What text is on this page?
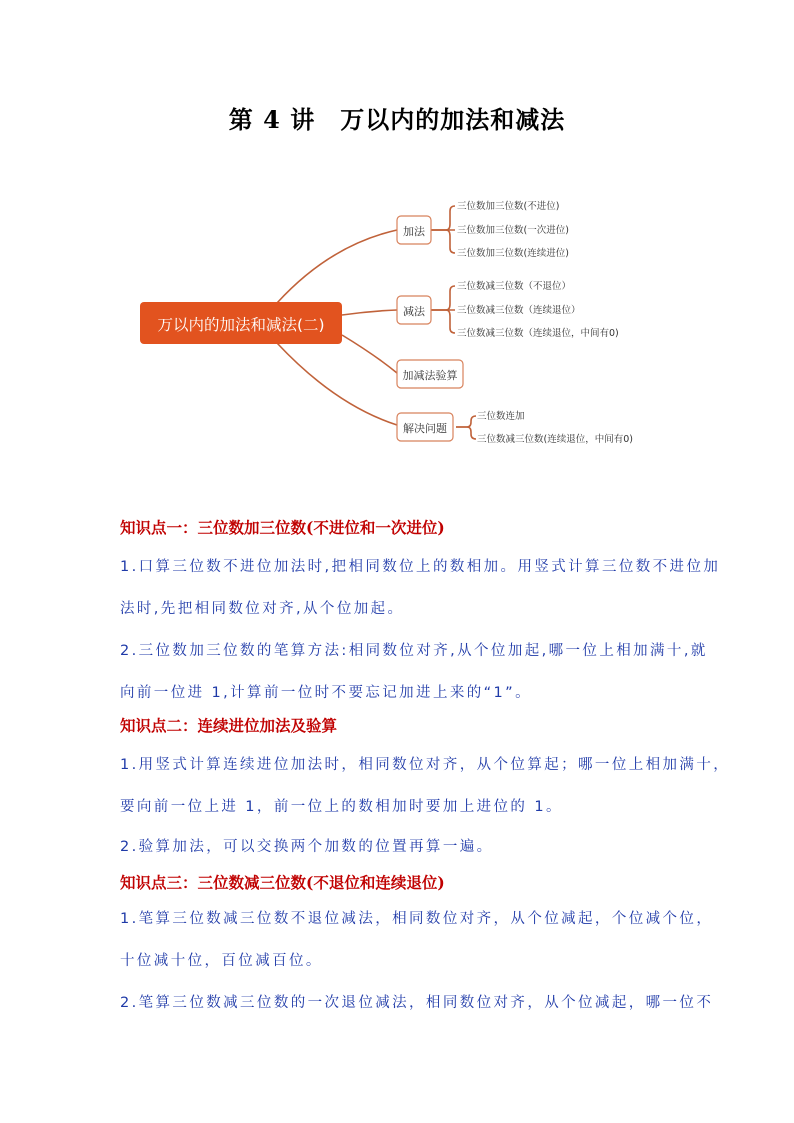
第 4 讲　万以内的加法和减法
万以内的加法和减法(二)
加法
减法
加减法验算
解决问题
三位数加三位数(不进位)
三位数加三位数(一次进位)
三位数加三位数(连续进位)
三位数减三位数（不退位）
三位数减三位数（连续退位）
三位数减三位数（连续退位，中间有0)
三位数连加
三位数减三位数(连续退位，中间有0)
知识点一：三位数加三位数(不进位和一次进位)
1.口算三位数不进位加法时,把相同数位上的数相加。用竖式计算三位数不进位加
法时,先把相同数位对齐,从个位加起。
2.三位数加三位数的笔算方法:相同数位对齐,从个位加起,哪一位上相加满十,就
向前一位进 1,计算前一位时不要忘记加进上来的“1”。
知识点二：连续进位加法及验算
1.用竖式计算连续进位加法时，相同数位对齐，从个位算起；哪一位上相加满十，
要向前一位上进 1，前一位上的数相加时要加上进位的 1。
2.验算加法，可以交换两个加数的位置再算一遍。
知识点三：三位数减三位数(不退位和连续退位)
1.笔算三位数减三位数不退位减法，相同数位对齐，从个位减起，个位减个位，
十位减十位，百位减百位。
2.笔算三位数减三位数的一次退位减法，相同数位对齐，从个位减起，哪一位不
